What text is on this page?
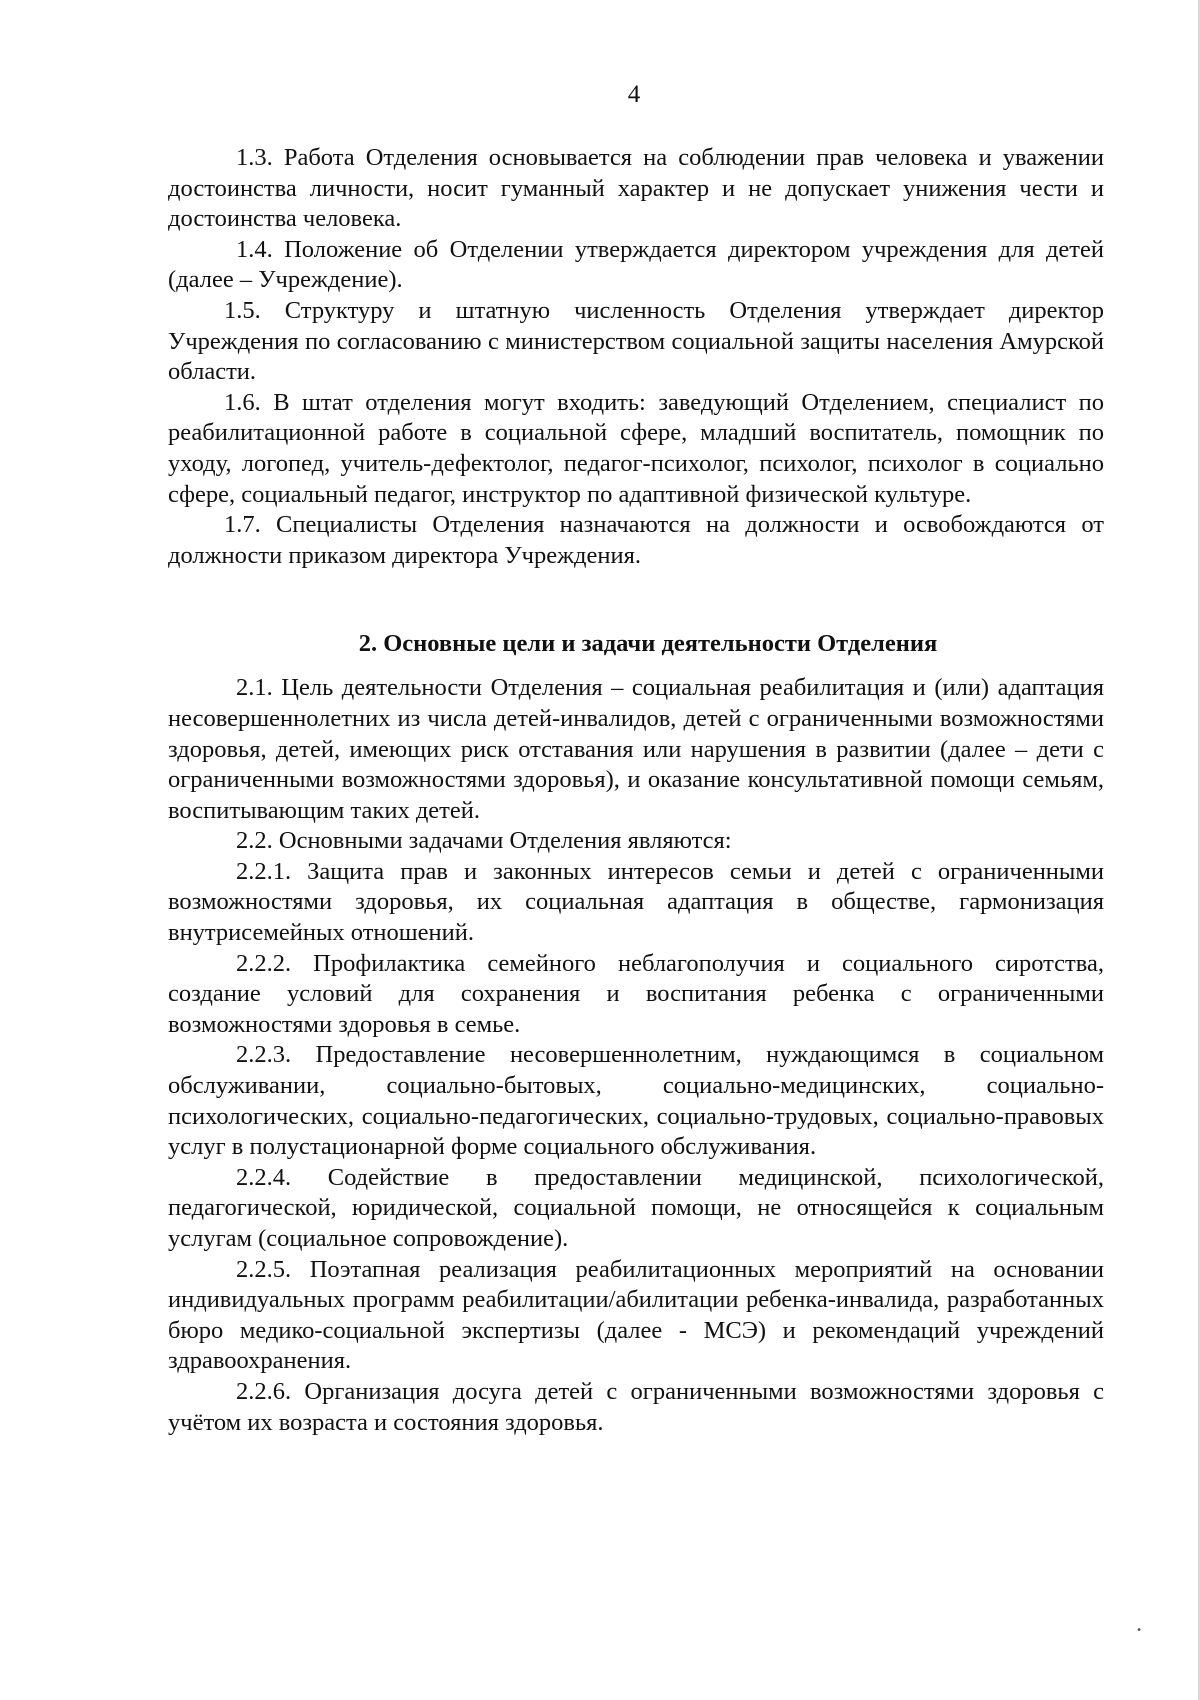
4

1.3. Работа Отделения основывается на соблюдении прав человека и уважении достоинства личности, носит гуманный характер и не допускает унижения чести и достоинства человека.

1.4. Положение об Отделении утверждается директором учреждения для детей (далее – Учреждение).

1.5. Структуру и штатную численность Отделения утверждает директор Учреждения по согласованию с министерством социальной защиты населения Амурской области.

1.6. В штат отделения могут входить: заведующий Отделением, специалист по реабилитационной работе в социальной сфере, младший воспитатель, помощник по уходу, логопед, учитель-дефектолог, педагог-психолог, психолог, психолог в социально сфере, социальный педагог, инструктор по адаптивной физической культуре.

1.7. Специалисты Отделения назначаются на должности и освобождаются от должности приказом директора Учреждения.

2. Основные цели и задачи деятельности Отделения

2.1. Цель деятельности Отделения – социальная реабилитация и (или) адаптация несовершеннолетних из числа детей-инвалидов, детей с ограниченными возможностями здоровья, детей, имеющих риск отставания или нарушения в развитии (далее – дети с ограниченными возможностями здоровья), и оказание консультативной помощи семьям, воспитывающим таких детей.

2.2. Основными задачами Отделения являются:

2.2.1. Защита прав и законных интересов семьи и детей с ограниченными возможностями здоровья, их социальная адаптация в обществе, гармонизация внутрисемейных отношений.

2.2.2. Профилактика семейного неблагополучия и социального сиротства, создание условий для сохранения и воспитания ребенка с ограниченными возможностями здоровья в семье.

2.2.3. Предоставление несовершеннолетним, нуждающимся в социальном обслуживании, социально-бытовых, социально-медицинских, социально-психологических, социально-педагогических, социально-трудовых, социально-правовых услуг в полустационарной форме социального обслуживания.

2.2.4. Содействие в предоставлении медицинской, психологической, педагогической, юридической, социальной помощи, не относящейся к социальным услугам (социальное сопровождение).

2.2.5. Поэтапная реализация реабилитационных мероприятий на основании индивидуальных программ реабилитации/абилитации ребенка-инвалида, разработанных бюро медико-социальной экспертизы (далее - МСЭ) и рекомендаций учреждений здравоохранения.

2.2.6. Организация досуга детей с ограниченными возможностями здоровья с учётом их возраста и состояния здоровья.

•
